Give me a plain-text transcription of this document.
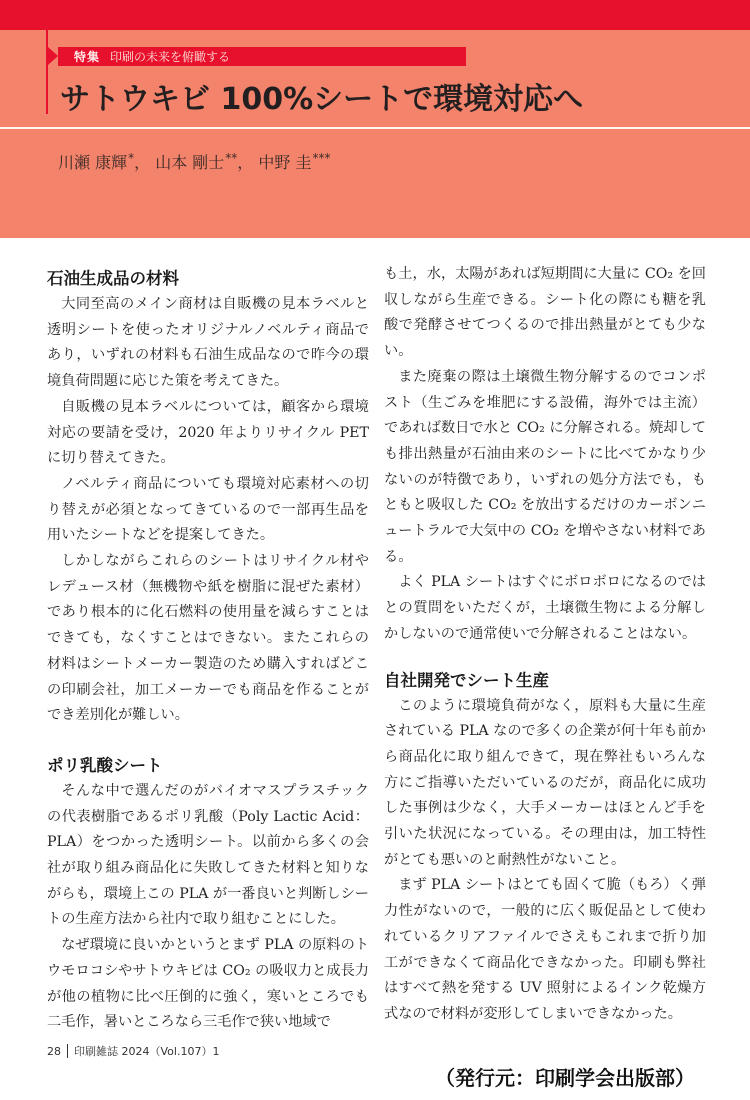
特集 印刷の未来を俯瞰する
サトウキビ 100%シートで環境対応へ
川瀬 康輝*， 山本 剛士**， 中野 圭***
石油生成品の材料

大同至高のメイン商材は自販機の見本ラベルと透明シートを使ったオリジナルノベルティ商品であり，いずれの材料も石油生成品なので昨今の環境負荷問題に応じた策を考えてきた。

自販機の見本ラベルについては，顧客から環境対応の要請を受け，2020 年よりリサイクル PET に切り替えてきた。

ノベルティ商品についても環境対応素材への切り替えが必須となってきているので一部再生品を用いたシートなどを提案してきた。

しかしながらこれらのシートはリサイクル材やレデュース材（無機物や紙を樹脂に混ぜた素材）であり根本的に化石燃料の使用量を減らすことはできても，なくすことはできない。またこれらの材料はシートメーカー製造のため購入すればどこの印刷会社，加工メーカーでも商品を作ることができ差別化が難しい。

ポリ乳酸シート

そんな中で選んだのがバイオマスプラスチックの代表樹脂であるポリ乳酸（Poly Lactic Acid：PLA）をつかった透明シート。以前から多くの会社が取り組み商品化に失敗してきた材料と知りながらも，環境上この PLA が一番良いと判断しシートの生産方法から社内で取り組むことにした。

なぜ環境に良いかというとまず PLA の原料のトウモロコシやサトウキビは CO₂ の吸収力と成長力が他の植物に比べ圧倒的に強く，寒いところでも二毛作，暑いところなら三毛作で狭い地域で

も土，水，太陽があれば短期間に大量に CO₂ を回収しながら生産できる。シート化の際にも糖を乳酸で発酵させてつくるので排出熱量がとても少ない。

また廃棄の際は土壌微生物分解するのでコンポスト（生ごみを堆肥にする設備，海外では主流）であれば数日で水と CO₂ に分解される。焼却しても排出熱量が石油由来のシートに比べてかなり少ないのが特徴であり，いずれの処分方法でも，もともと吸収した CO₂ を放出するだけのカーボンニュートラルで大気中の CO₂ を増やさない材料である。

よく PLA シートはすぐにボロボロになるのではとの質問をいただくが，土壌微生物による分解しかしないので通常使いで分解されることはない。

自社開発でシート生産

このように環境負荷がなく，原料も大量に生産されている PLA なので多くの企業が何十年も前から商品化に取り組んできて，現在弊社もいろんな方にご指導いただいているのだが，商品化に成功した事例は少なく，大手メーカーはほとんど手を引いた状況になっている。その理由は，加工特性がとても悪いのと耐熱性がないこと。

まず PLA シートはとても固くて脆（もろ）く弾力性がないので，一般的に広く販促品として使われているクリアファイルでさえもこれまで折り加工ができなくて商品化できなかった。印刷も弊社はすべて熱を発する UV 照射によるインク乾燥方式なので材料が変形してしまいできなかった。

28 印刷雑誌 2024（Vol.107）1
（発行元：印刷学会出版部）
